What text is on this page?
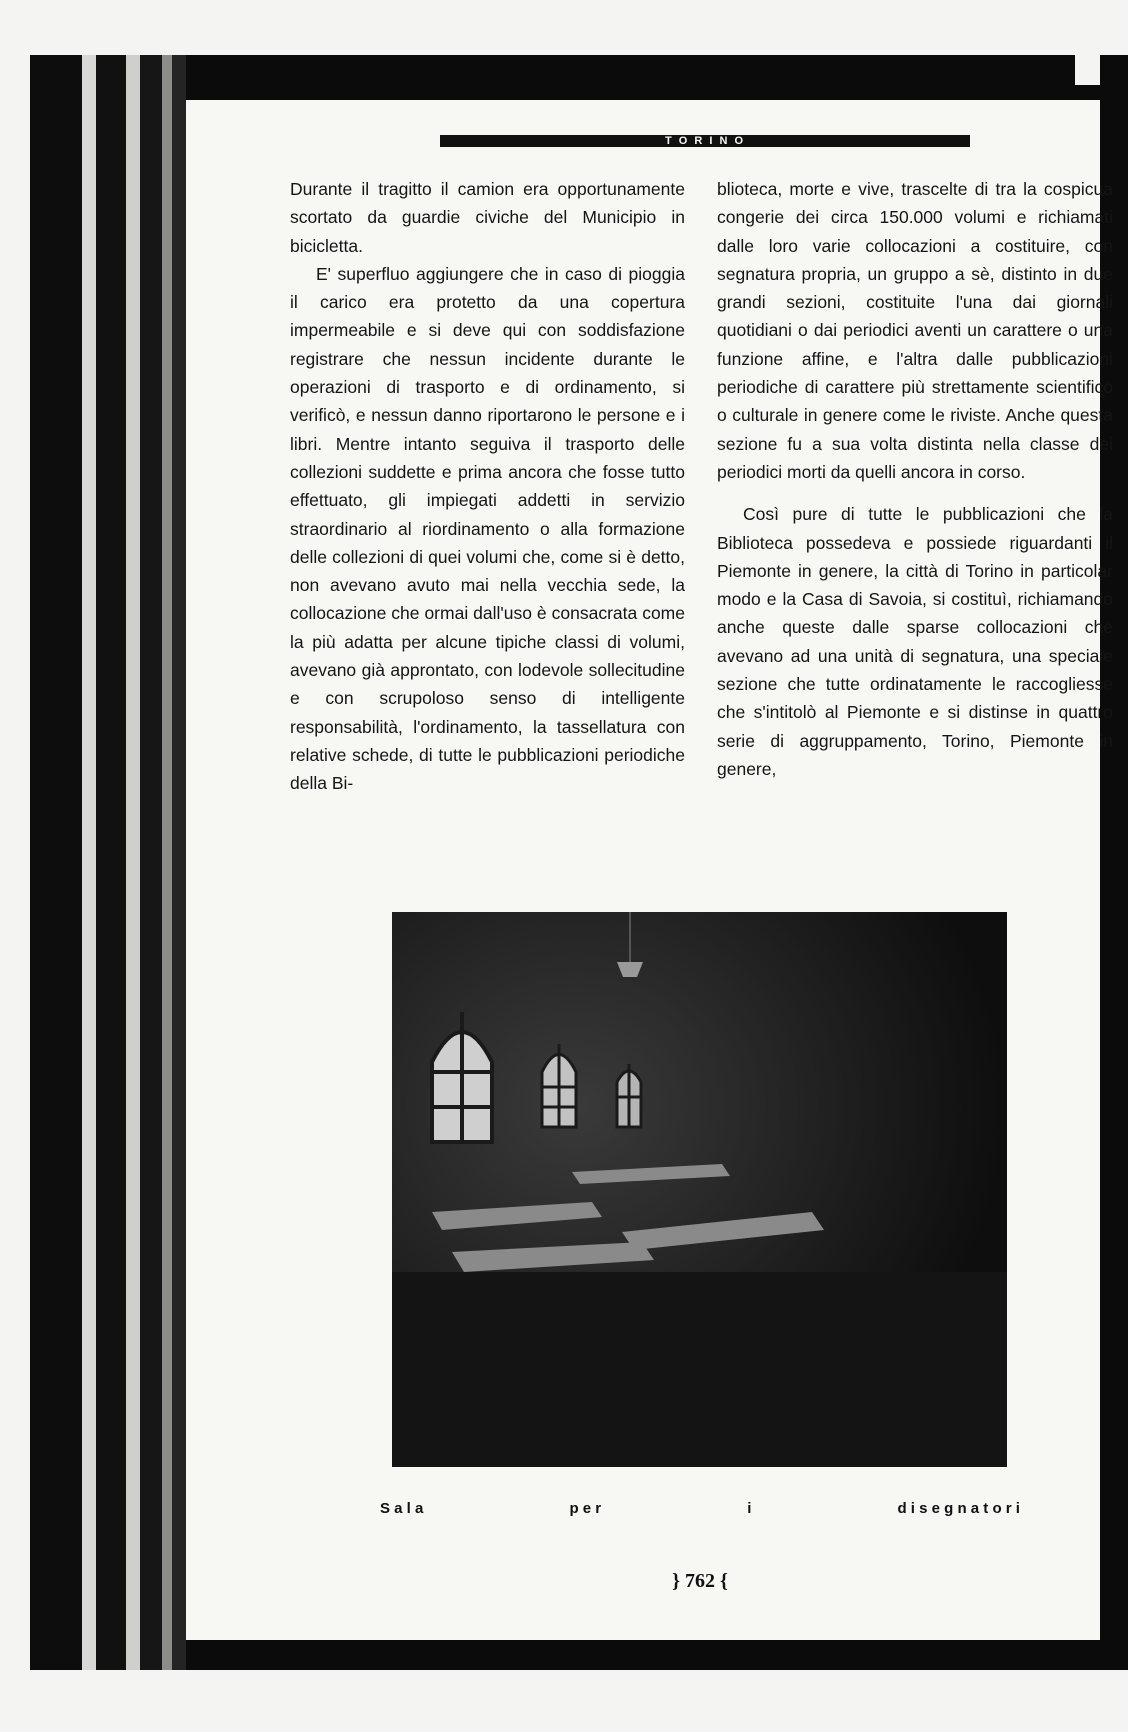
T O R I N O

Durante il tragitto il camion era opportunamente scortato da guardie civiche del Municipio in bicicletta.

E' superfluo aggiungere che in caso di pioggia il carico era protetto da una copertura impermeabile e si deve qui con soddisfazione registrare che nessun incidente durante le operazioni di trasporto e di ordinamento, si verificò, e nessun danno riportarono le persone e i libri. Mentre intanto seguiva il trasporto delle collezioni suddette e prima ancora che fosse tutto effettuato, gli impiegati addetti in servizio straordinario al riordinamento o alla formazione delle collezioni di quei volumi che, come si è detto, non avevano avuto mai nella vecchia sede, la collocazione che ormai dall'uso è consacrata come la più adatta per alcune tipiche classi di volumi, avevano già approntato, con lodevole sollecitudine e con scrupoloso senso di intelligente responsabilità, l'ordinamento, la tassellatura con relative schede, di tutte le pubblicazioni periodiche della Bi-

blioteca, morte e vive, trascelte di tra la cospicua congerie dei circa 150.000 volumi e richiamati dalle loro varie collocazioni a costituire, con segnatura propria, un gruppo a sè, distinto in due grandi sezioni, costituite l'una dai giornali quotidiani o dai periodici aventi un carattere o una funzione affine, e l'altra dalle pubblicazioni periodiche di carattere più strettamente scientifico o culturale in genere come le riviste. Anche questa sezione fu a sua volta distinta nella classe dei periodici morti da quelli ancora in corso.

Così pure di tutte le pubblicazioni che la Biblioteca possedeva e possiede riguardanti il Piemonte in genere, la città di Torino in particolar modo e la Casa di Savoia, si costituì, richiamando anche queste dalle sparse collocazioni che avevano ad una unità di segnatura, una speciale sezione che tutte ordinatamente le raccogliesse che s'intitolò al Piemonte e si distinse in quattro serie di aggruppamento, Torino, Piemonte in genere,

S a l a	p e r	i	d i s e g n a t o r i
} 762 {
